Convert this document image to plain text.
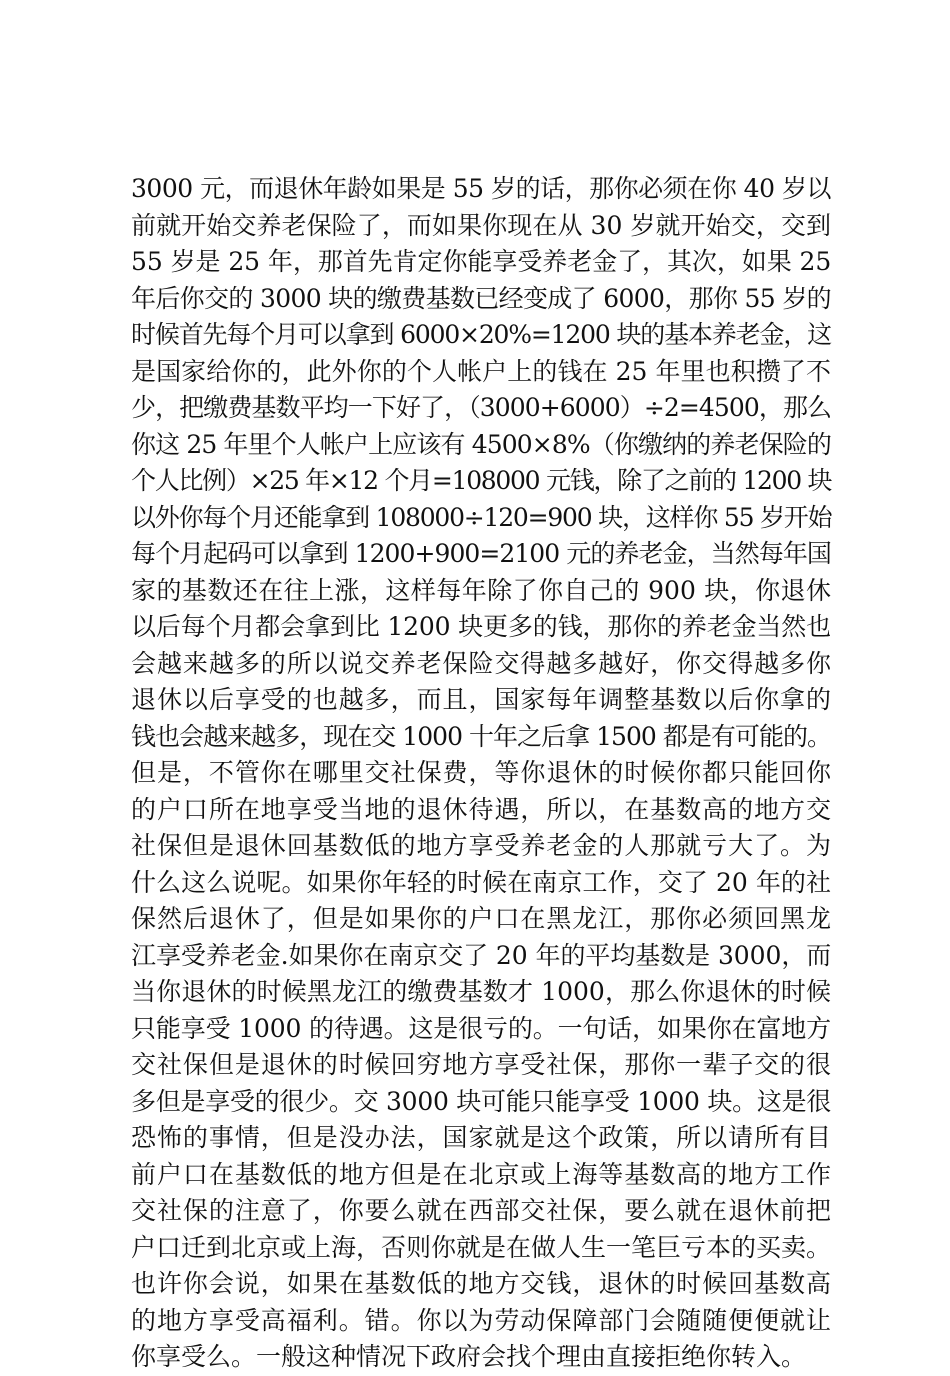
3000 元，而退休年龄如果是 55 岁的话，那你必须在你 40 岁以
前就开始交养老保险了，而如果你现在从 30 岁就开始交，交到
55 岁是 25 年，那首先肯定你能享受养老金了，其次，如果 25
年后你交的 3000 块的缴费基数已经变成了 6000，那你 55 岁的
时候首先每个月可以拿到 6000×20%=1200 块的基本养老金，这
是国家给你的，此外你的个人帐户上的钱在 25 年里也积攒了不
少，把缴费基数平均一下好了，（3000+6000）÷2=4500，那么
你这 25 年里个人帐户上应该有 4500×8%（你缴纳的养老保险的
个人比例）×25 年×12 个月=108000 元钱，除了之前的 1200 块
以外你每个月还能拿到 108000÷120=900 块，这样你 55 岁开始
每个月起码可以拿到 1200+900=2100 元的养老金，当然每年国
家的基数还在往上涨，这样每年除了你自己的 900 块，你退休
以后每个月都会拿到比 1200 块更多的钱，那你的养老金当然也
会越来越多的所以说交养老保险交得越多越好，你交得越多你
退休以后享受的也越多，而且，国家每年调整基数以后你拿的
钱也会越来越多，现在交 1000 十年之后拿 1500 都是有可能的。
但是，不管你在哪里交社保费，等你退休的时候你都只能回你
的户口所在地享受当地的退休待遇，所以，在基数高的地方交
社保但是退休回基数低的地方享受养老金的人那就亏大了。为
什么这么说呢。如果你年轻的时候在南京工作，交了 20 年的社
保然后退休了，但是如果你的户口在黑龙江，那你必须回黑龙
江享受养老金.如果你在南京交了 20 年的平均基数是 3000，而
当你退休的时候黑龙江的缴费基数才 1000，那么你退休的时候
只能享受 1000 的待遇。这是很亏的。一句话，如果你在富地方
交社保但是退休的时候回穷地方享受社保，那你一辈子交的很
多但是享受的很少。交 3000 块可能只能享受 1000 块。这是很
恐怖的事情，但是没办法，国家就是这个政策，所以请所有目
前户口在基数低的地方但是在北京或上海等基数高的地方工作
交社保的注意了，你要么就在西部交社保，要么就在退休前把
户口迁到北京或上海，否则你就是在做人生一笔巨亏本的买卖。
也许你会说，如果在基数低的地方交钱，退休的时候回基数高
的地方享受高福利。错。你以为劳动保障部门会随随便便就让
你享受么。一般这种情况下政府会找个理由直接拒绝你转入。
